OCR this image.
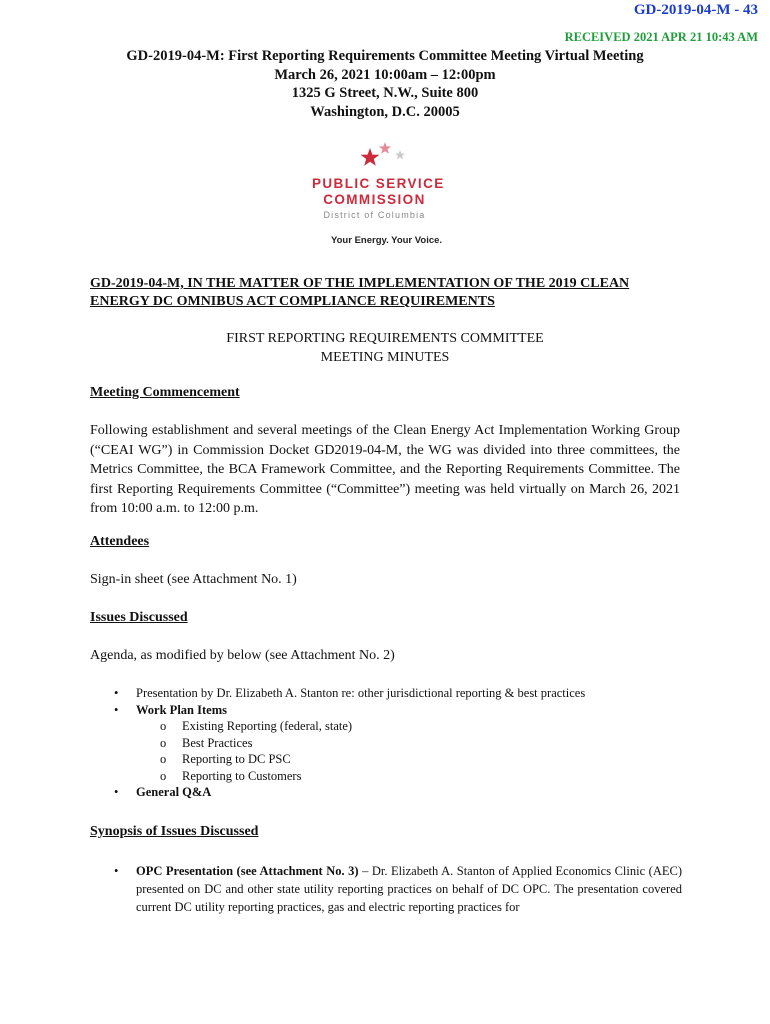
GD-2019-04-M - 43
RECEIVED 2021 APR 21 10:43 AM
GD-2019-04-M: First Reporting Requirements Committee Meeting Virtual Meeting
March 26, 2021 10:00am – 12:00pm
1325 G Street, N.W., Suite 800
Washington, D.C. 20005
PUBLIC SERVICE
COMMISSION
District of Columbia
Your Energy. Your Voice.
GD-2019-04-M, IN THE MATTER OF THE IMPLEMENTATION OF THE 2019 CLEAN ENERGY DC OMNIBUS ACT COMPLIANCE REQUIREMENTS
FIRST REPORTING REQUIREMENTS COMMITTEE
MEETING MINUTES
Meeting Commencement
Following establishment and several meetings of the Clean Energy Act Implementation Working Group (“CEAI WG”) in Commission Docket GD2019-04-M, the WG was divided into three committees, the Metrics Committee, the BCA Framework Committee, and the Reporting Requirements Committee. The first Reporting Requirements Committee (“Committee”) meeting was held virtually on March 26, 2021 from 10:00 a.m. to 12:00 p.m.
Attendees
Sign-in sheet (see Attachment No. 1)
Issues Discussed
Agenda, as modified by below (see Attachment No. 2)
• Presentation by Dr. Elizabeth A. Stanton re: other jurisdictional reporting & best practices
• Work Plan Items
o Existing Reporting (federal, state)
o Best Practices
o Reporting to DC PSC
o Reporting to Customers
• General Q&A
Synopsis of Issues Discussed
• OPC Presentation (see Attachment No. 3) – Dr. Elizabeth A. Stanton of Applied Economics Clinic (AEC) presented on DC and other state utility reporting practices on behalf of DC OPC. The presentation covered current DC utility reporting practices, gas and electric reporting practices for
